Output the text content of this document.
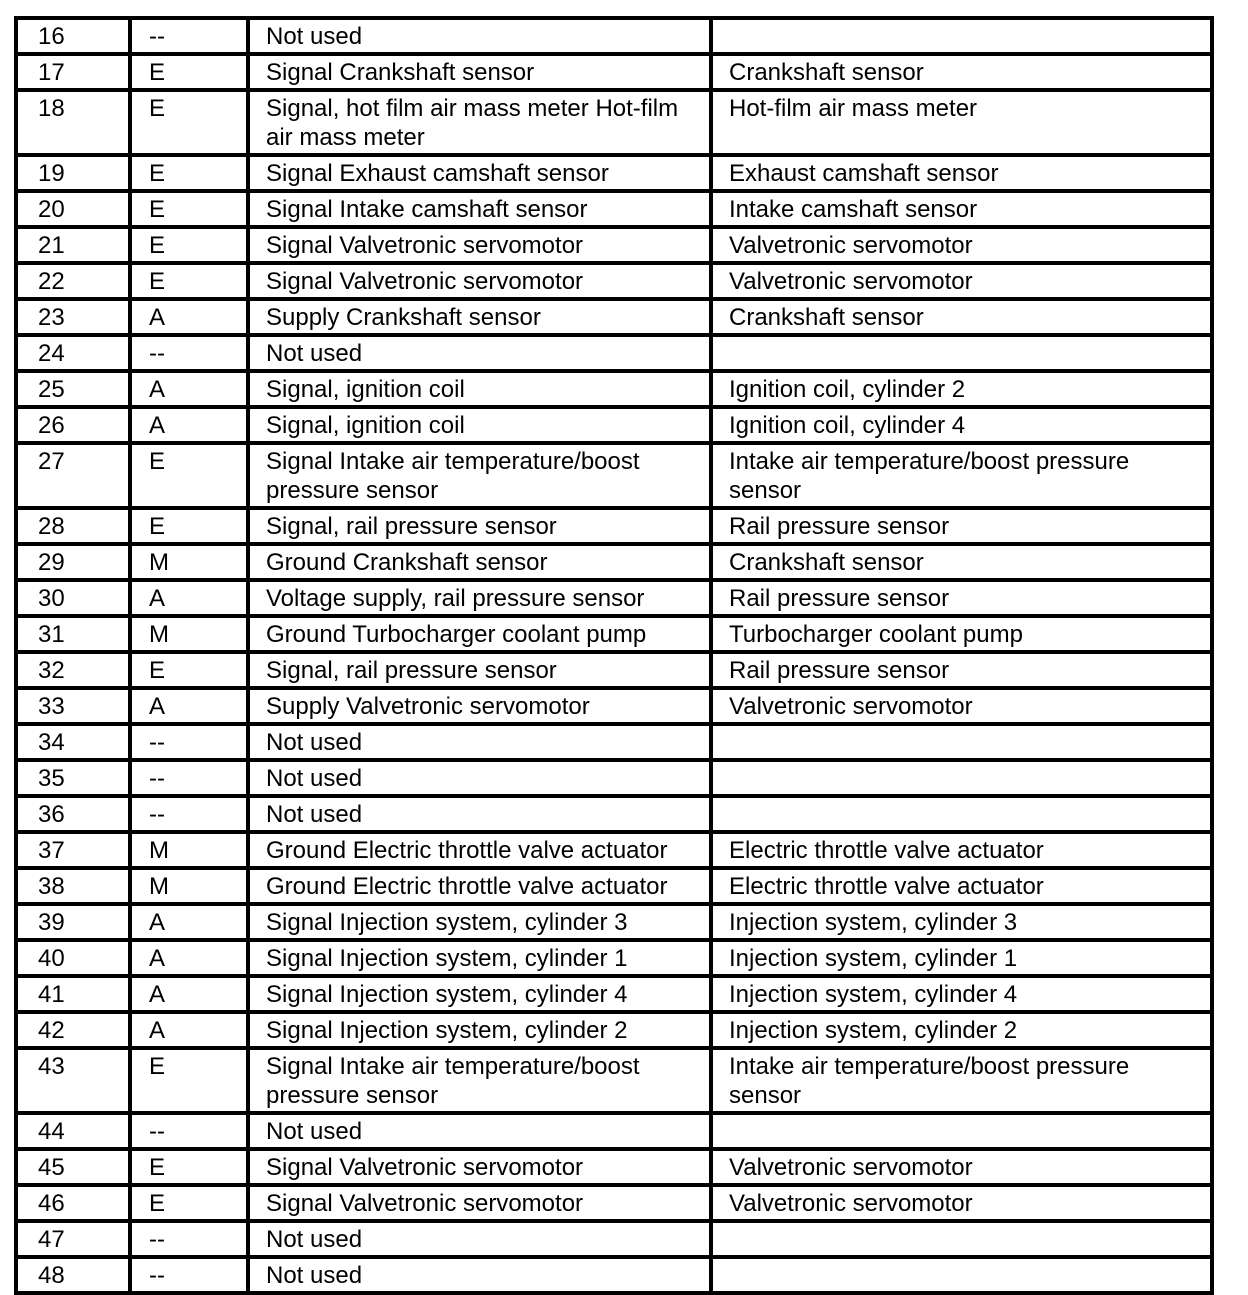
16	--	Not used	
17	E	Signal Crankshaft sensor	Crankshaft sensor
18	E	Signal, hot film air mass meter Hot-film air mass meter	Hot-film air mass meter
19	E	Signal Exhaust camshaft sensor	Exhaust camshaft sensor
20	E	Signal Intake camshaft sensor	Intake camshaft sensor
21	E	Signal Valvetronic servomotor	Valvetronic servomotor
22	E	Signal Valvetronic servomotor	Valvetronic servomotor
23	A	Supply Crankshaft sensor	Crankshaft sensor
24	--	Not used	
25	A	Signal, ignition coil	Ignition coil, cylinder 2
26	A	Signal, ignition coil	Ignition coil, cylinder 4
27	E	Signal Intake air temperature/boost pressure sensor	Intake air temperature/boost pressure sensor
28	E	Signal, rail pressure sensor	Rail pressure sensor
29	M	Ground Crankshaft sensor	Crankshaft sensor
30	A	Voltage supply, rail pressure sensor	Rail pressure sensor
31	M	Ground Turbocharger coolant pump	Turbocharger coolant pump
32	E	Signal, rail pressure sensor	Rail pressure sensor
33	A	Supply Valvetronic servomotor	Valvetronic servomotor
34	--	Not used	
35	--	Not used	
36	--	Not used	
37	M	Ground Electric throttle valve actuator	Electric throttle valve actuator
38	M	Ground Electric throttle valve actuator	Electric throttle valve actuator
39	A	Signal Injection system, cylinder 3	Injection system, cylinder 3
40	A	Signal Injection system, cylinder 1	Injection system, cylinder 1
41	A	Signal Injection system, cylinder 4	Injection system, cylinder 4
42	A	Signal Injection system, cylinder 2	Injection system, cylinder 2
43	E	Signal Intake air temperature/boost pressure sensor	Intake air temperature/boost pressure sensor
44	--	Not used	
45	E	Signal Valvetronic servomotor	Valvetronic servomotor
46	E	Signal Valvetronic servomotor	Valvetronic servomotor
47	--	Not used	
48	--	Not used	
